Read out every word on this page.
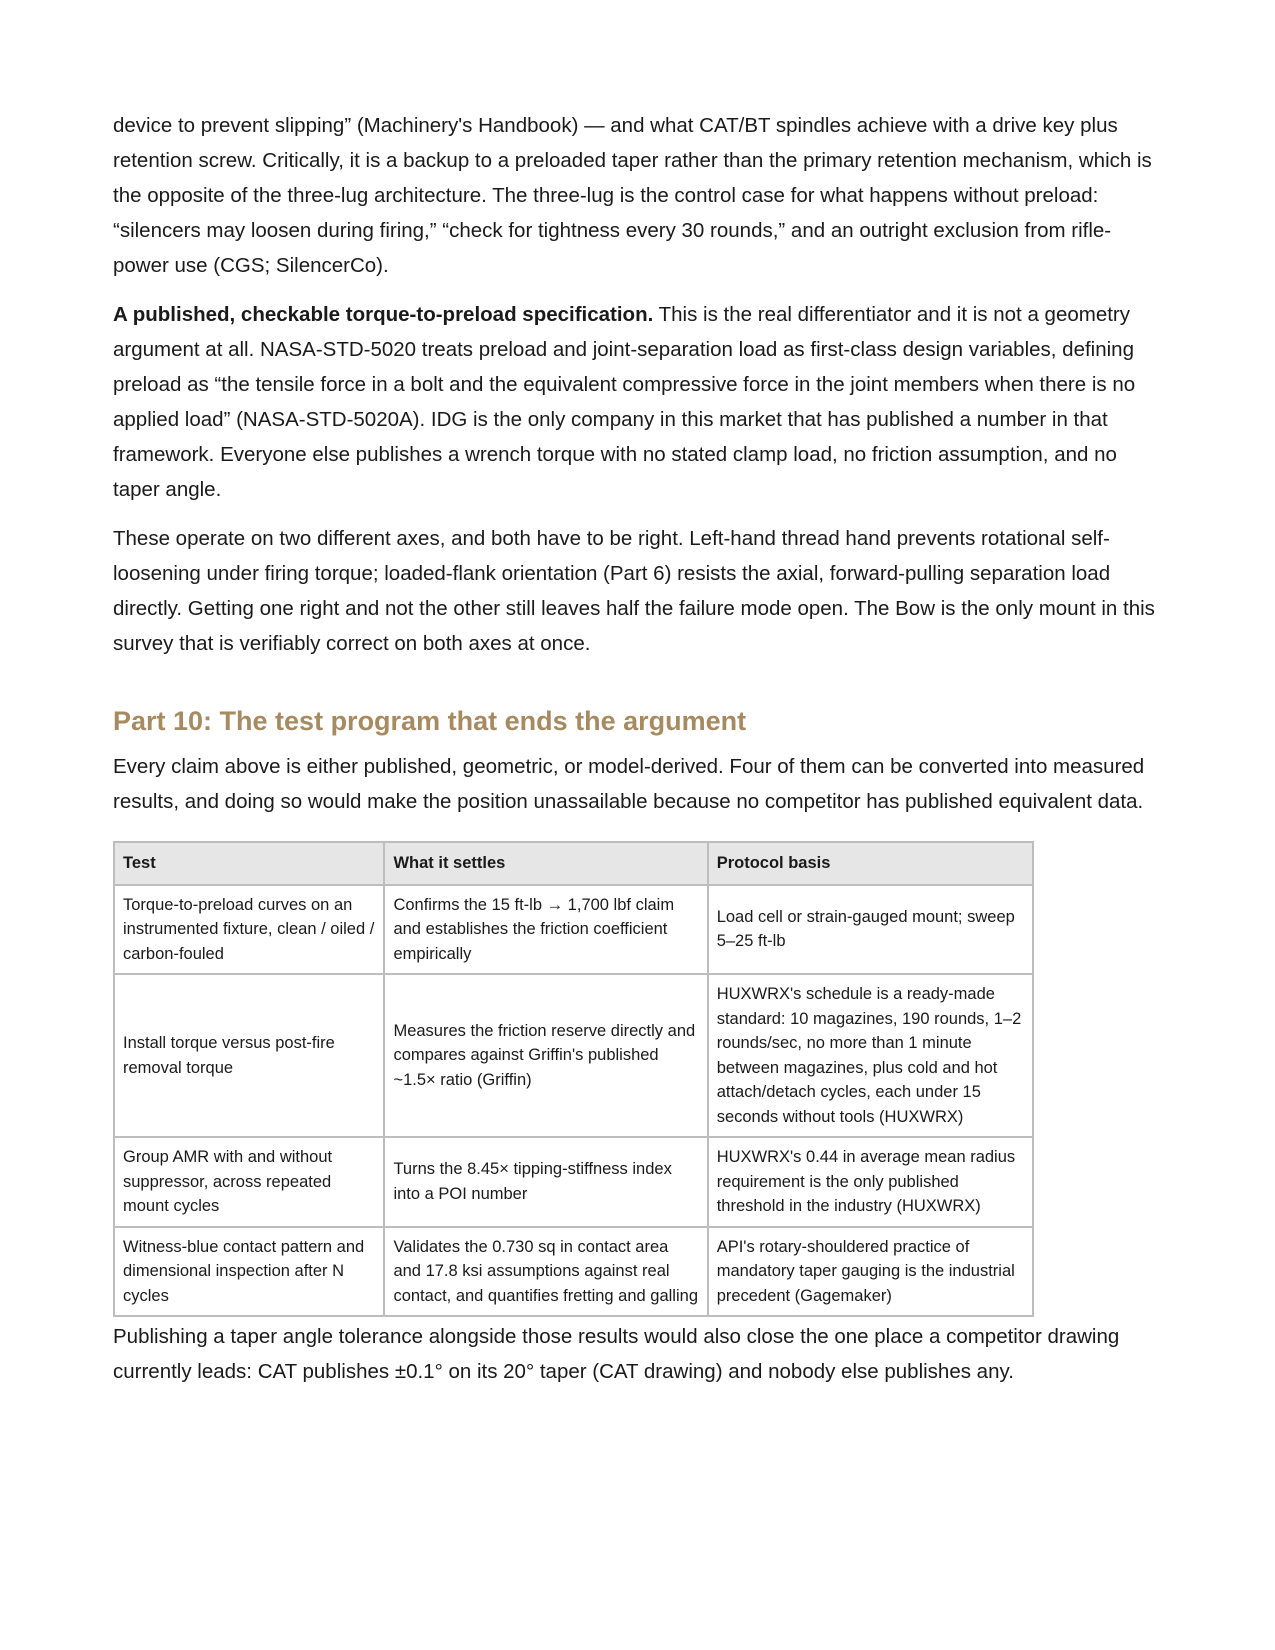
device to prevent slipping” (Machinery's Handbook) — and what CAT/BT spindles achieve with a drive key plus retention screw. Critically, it is a backup to a preloaded taper rather than the primary retention mechanism, which is the opposite of the three-lug architecture. The three-lug is the control case for what happens without preload: “silencers may loosen during firing,” “check for tightness every 30 rounds,” and an outright exclusion from rifle-power use (CGS; SilencerCo).

A published, checkable torque-to-preload specification. This is the real differentiator and it is not a geometry argument at all. NASA-STD-5020 treats preload and joint-separation load as first-class design variables, defining preload as “the tensile force in a bolt and the equivalent compressive force in the joint members when there is no applied load” (NASA-STD-5020A). IDG is the only company in this market that has published a number in that framework. Everyone else publishes a wrench torque with no stated clamp load, no friction assumption, and no taper angle.

These operate on two different axes, and both have to be right. Left-hand thread hand prevents rotational self-loosening under firing torque; loaded-flank orientation (Part 6) resists the axial, forward-pulling separation load directly. Getting one right and not the other still leaves half the failure mode open. The Bow is the only mount in this survey that is verifiably correct on both axes at once.

Part 10: The test program that ends the argument

Every claim above is either published, geometric, or model-derived. Four of them can be converted into measured results, and doing so would make the position unassailable because no competitor has published equivalent data.

Test	What it settles	Protocol basis
Torque-to-preload curves on an instrumented fixture, clean / oiled / carbon-fouled	Confirms the 15 ft-lb → 1,700 lbf claim and establishes the friction coefficient empirically	Load cell or strain-gauged mount; sweep 5–25 ft-lb
Install torque versus post-fire removal torque	Measures the friction reserve directly and compares against Griffin's published ~1.5× ratio (Griffin)	HUXWRX's schedule is a ready-made standard: 10 magazines, 190 rounds, 1–2 rounds/sec, no more than 1 minute between magazines, plus cold and hot attach/detach cycles, each under 15 seconds without tools (HUXWRX)
Group AMR with and without suppressor, across repeated mount cycles	Turns the 8.45× tipping-stiffness index into a POI number	HUXWRX's 0.44 in average mean radius requirement is the only published threshold in the industry (HUXWRX)
Witness-blue contact pattern and dimensional inspection after N cycles	Validates the 0.730 sq in contact area and 17.8 ksi assumptions against real contact, and quantifies fretting and galling	API's rotary-shouldered practice of mandatory taper gauging is the industrial precedent (Gagemaker)

Publishing a taper angle tolerance alongside those results would also close the one place a competitor drawing currently leads: CAT publishes ±0.1° on its 20° taper (CAT drawing) and nobody else publishes any.
